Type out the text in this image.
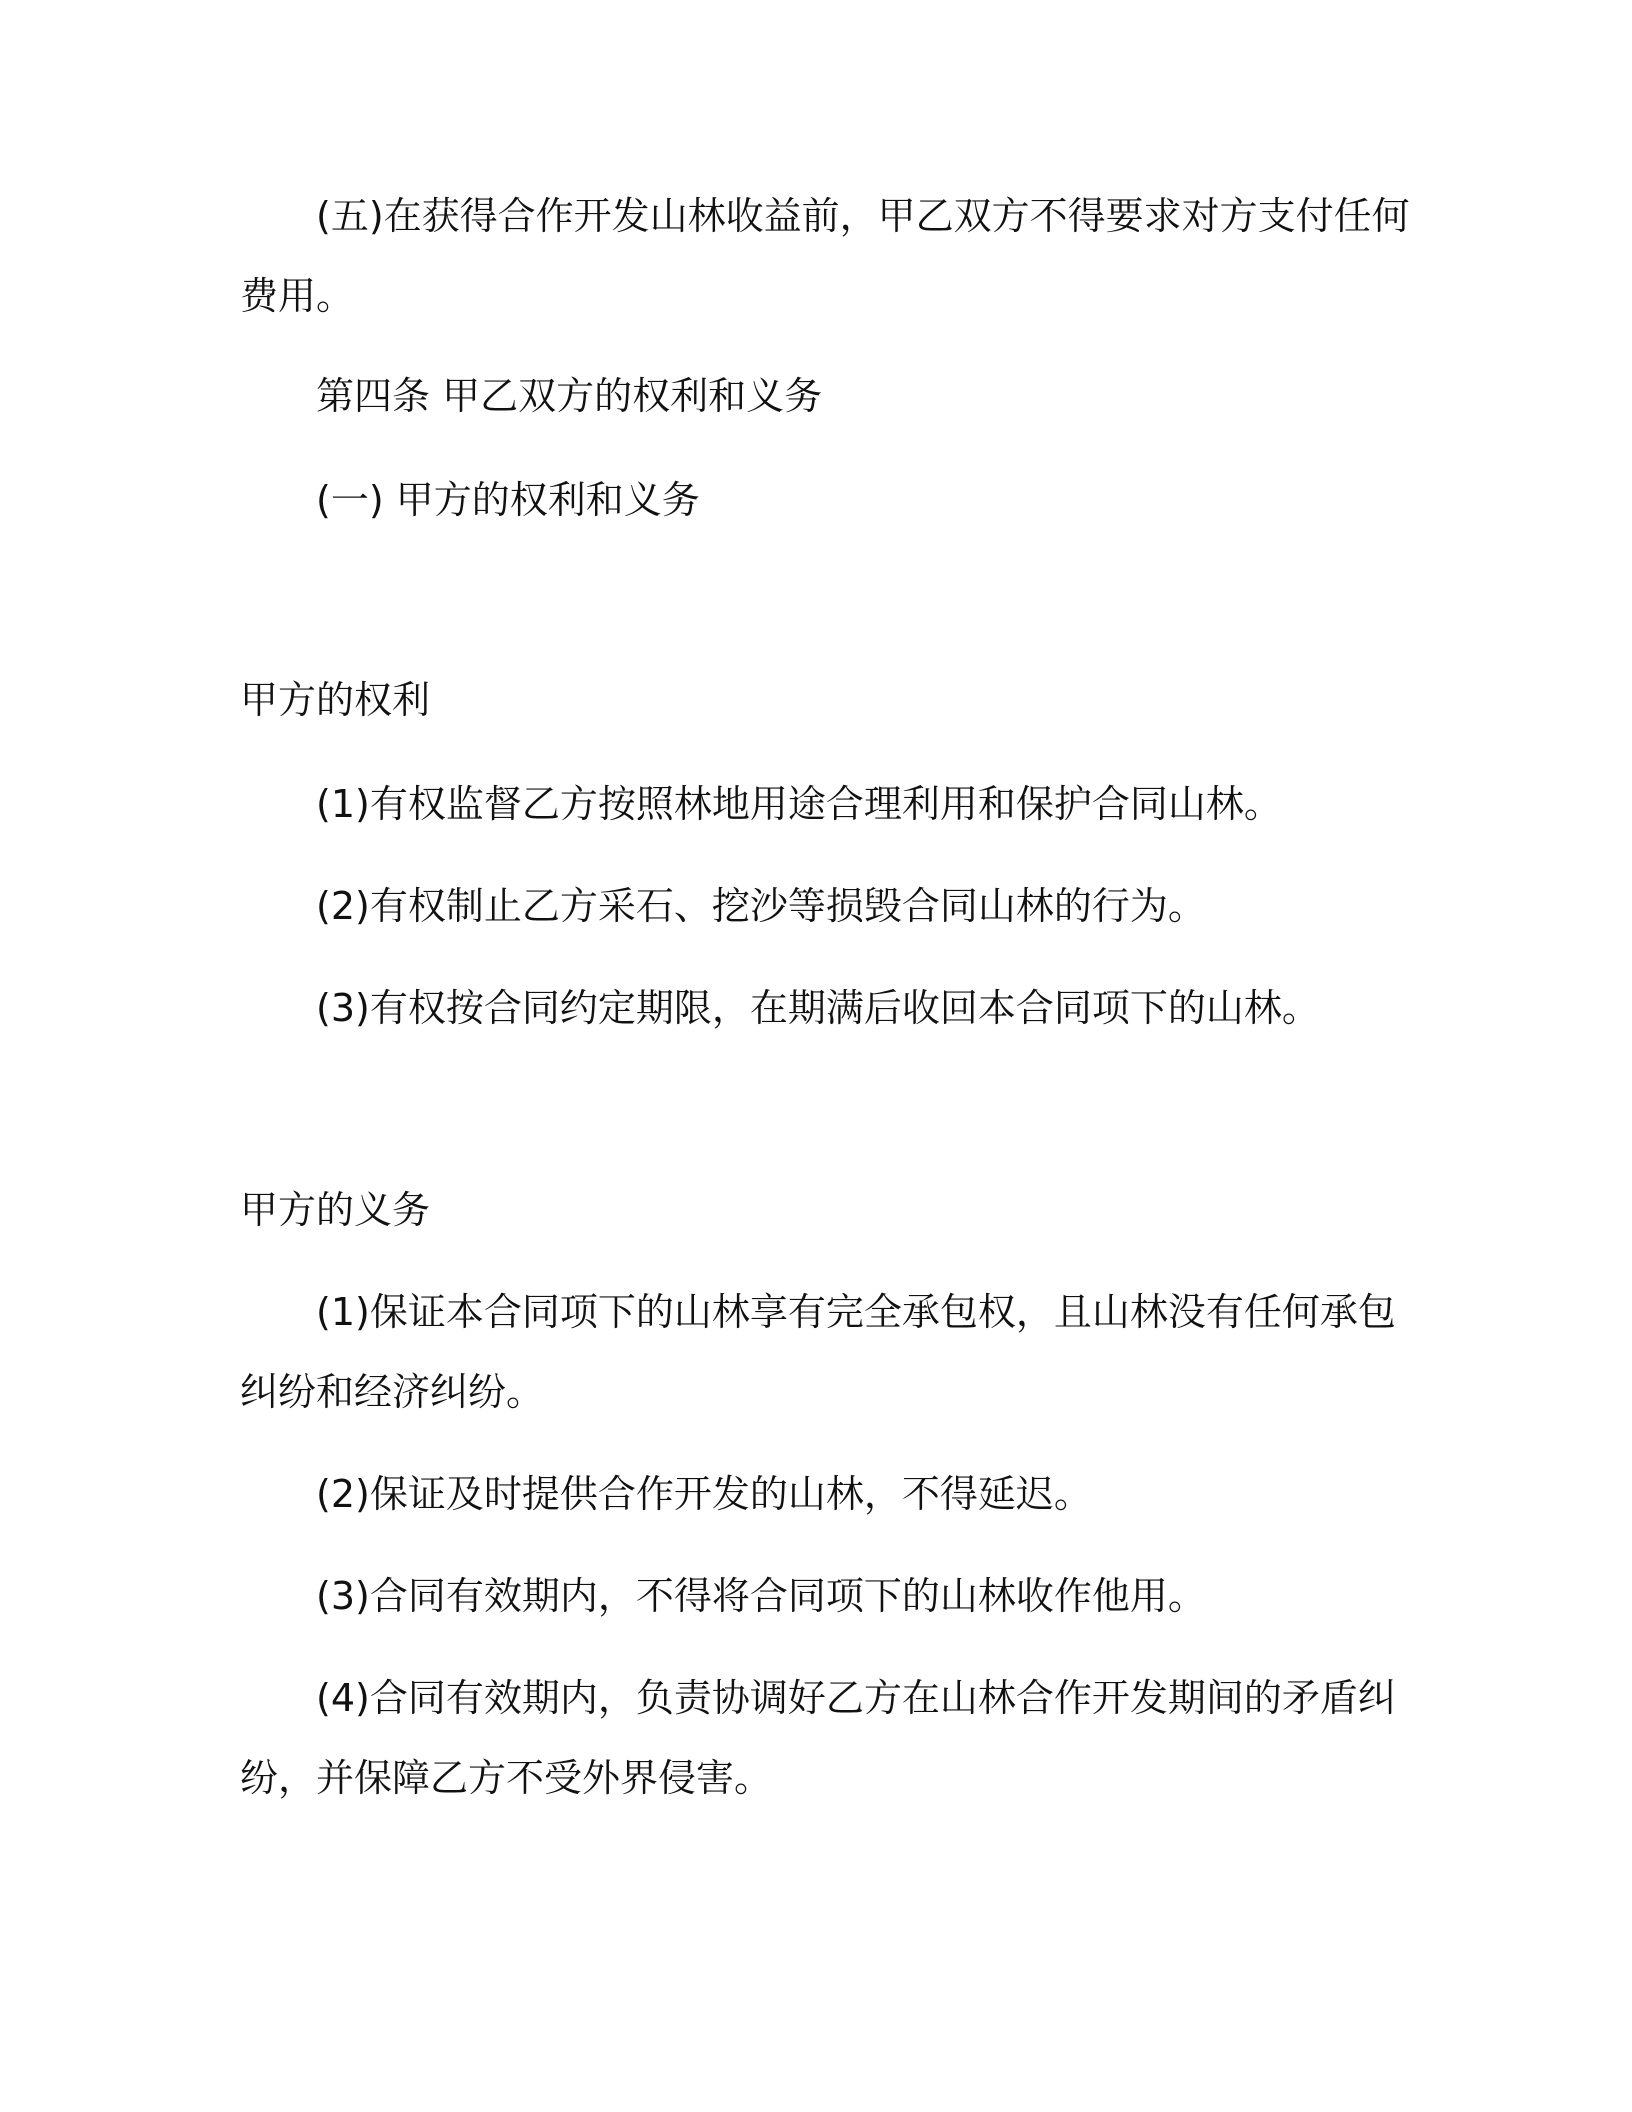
(五)在获得合作开发山林收益前，甲乙双方不得要求对方支付任何
费用。
第四条 甲乙双方的权利和义务
(一) 甲方的权利和义务
甲方的权利
(1)有权监督乙方按照林地用途合理利用和保护合同山林。
(2)有权制止乙方采石、挖沙等损毁合同山林的行为。
(3)有权按合同约定期限，在期满后收回本合同项下的山林。
甲方的义务
(1)保证本合同项下的山林享有完全承包权，且山林没有任何承包
纠纷和经济纠纷。
(2)保证及时提供合作开发的山林，不得延迟。
(3)合同有效期内，不得将合同项下的山林收作他用。
(4)合同有效期内，负责协调好乙方在山林合作开发期间的矛盾纠
纷，并保障乙方不受外界侵害。
